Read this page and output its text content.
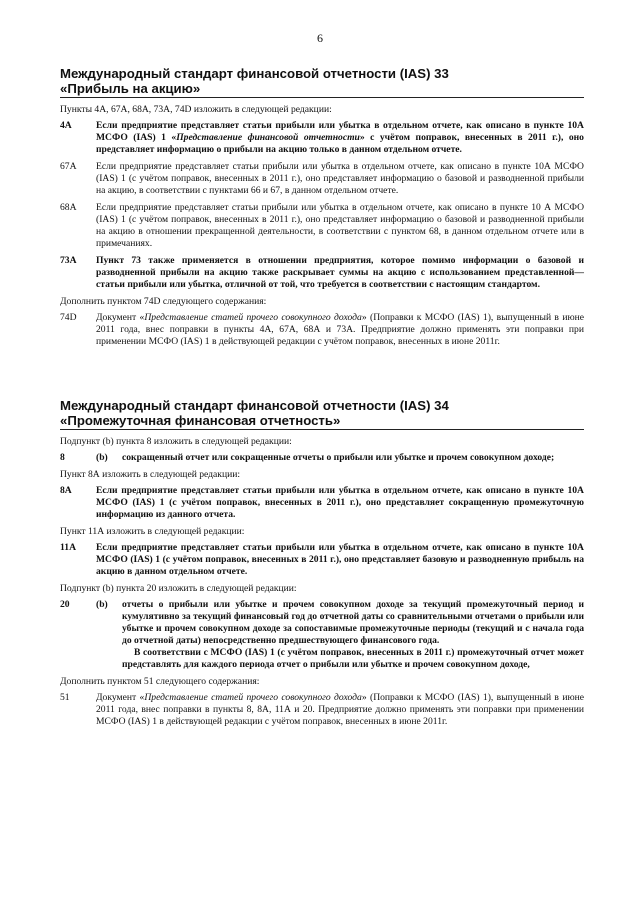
6
Международный стандарт финансовой отчетности (IAS) 33
«Прибыль на акцию»
Пункты 4А, 67А, 68А, 73А, 74D изложить в следующей редакции:
4А	Если предприятие представляет статьи прибыли или убытка в отдельном отчете, как описано в пункте 10А МСФО (IAS) 1 «Представление финансовой отчетности» с учётом поправок, внесенных в 2011 г.), оно представляет информацию о прибыли на акцию только в данном отдельном отчете.
67А	Если предприятие представляет статьи прибыли или убытка в отдельном отчете, как описано в пункте 10А МСФО (IAS) 1 (с учётом поправок, внесенных в 2011 г.), оно представляет информацию о базовой и разводненной прибыли на акцию, в соответствии с пунктами 66 и 67, в данном отдельном отчете.
68А	Если предприятие представляет статьи прибыли или убытка в отдельном отчете, как описано в пункте 10 А МСФО (IAS) 1 (с учётом поправок, внесенных в 2011 г.), оно представляет информацию о базовой и разводненной прибыли на акцию в отношении прекращенной деятельности, в соответствии с пунктом 68, в данном отдельном отчете или в примечаниях.
73А	Пункт 73 также применяется в отношении предприятия, которое помимо информации о базовой и разводненной прибыли на акцию также раскрывает суммы на акцию с использованием представленной—статьи прибыли или убытка, отличной от той, что требуется в соответствии с настоящим стандартом.
Дополнить пунктом 74D следующего содержания:
74D	Документ «Представление статей прочего совокупного дохода» (Поправки к МСФО (IAS) 1), выпущенный в июне 2011 года, внес поправки в пункты 4А, 67А, 68А и 73А. Предприятие должно применять эти поправки при применении МСФО (IAS) 1 в действующей редакции с учётом поправок, внесенных в июне 2011г.
Международный стандарт финансовой отчетности (IAS) 34
«Промежуточная финансовая отчетность»
Подпункт (b) пункта 8 изложить в следующей редакции:
8	(b)	сокращенный отчет или сокращенные отчеты о прибыли или убытке и прочем совокупном доходе;
Пункт 8А изложить в следующей редакции:
8А	Если предприятие представляет статьи прибыли или убытка в отдельном отчете, как описано в пункте 10А МСФО (IAS) 1 (с учётом поправок, внесенных в 2011 г.), оно представляет сокращенную промежуточную информацию из данного отчета.
Пункт 11А изложить в следующей редакции:
11А	Если предприятие представляет статьи прибыли или убытка в отдельном отчете, как описано в пункте 10А МСФО (IAS) 1 (с учётом поправок, внесенных в 2011 г.), оно представляет базовую и разводненную прибыль на акцию в данном отдельном отчете.
Подпункт (b) пункта 20 изложить в следующей редакции:
20	(b)	отчеты о прибыли или убытке и прочем совокупном доходе за текущий промежуточный период и кумулятивно за текущий финансовый год до отчетной даты со сравнительными отчетами о прибыли или убытке и прочем совокупном доходе за сопоставимые промежуточные периоды (текущий и с начала года до отчетной даты) непосредственно предшествующего финансового года.
В соответствии с МСФО (IAS) 1 (с учётом поправок, внесенных в 2011 г.) промежуточный отчет может представлять для каждого периода отчет о прибыли или убытке и прочем совокупном доходе,
Дополнить пунктом 51 следующего содержания:
51	Документ «Представление статей прочего совокупного дохода» (Поправки к МСФО (IAS) 1), выпущенный в июне 2011 года, внес поправки в пункты 8, 8А, 11А и 20. Предприятие должно применять эти поправки при применении МСФО (IAS) 1 в действующей редакции с учётом поправок, внесенных в июне 2011г.
